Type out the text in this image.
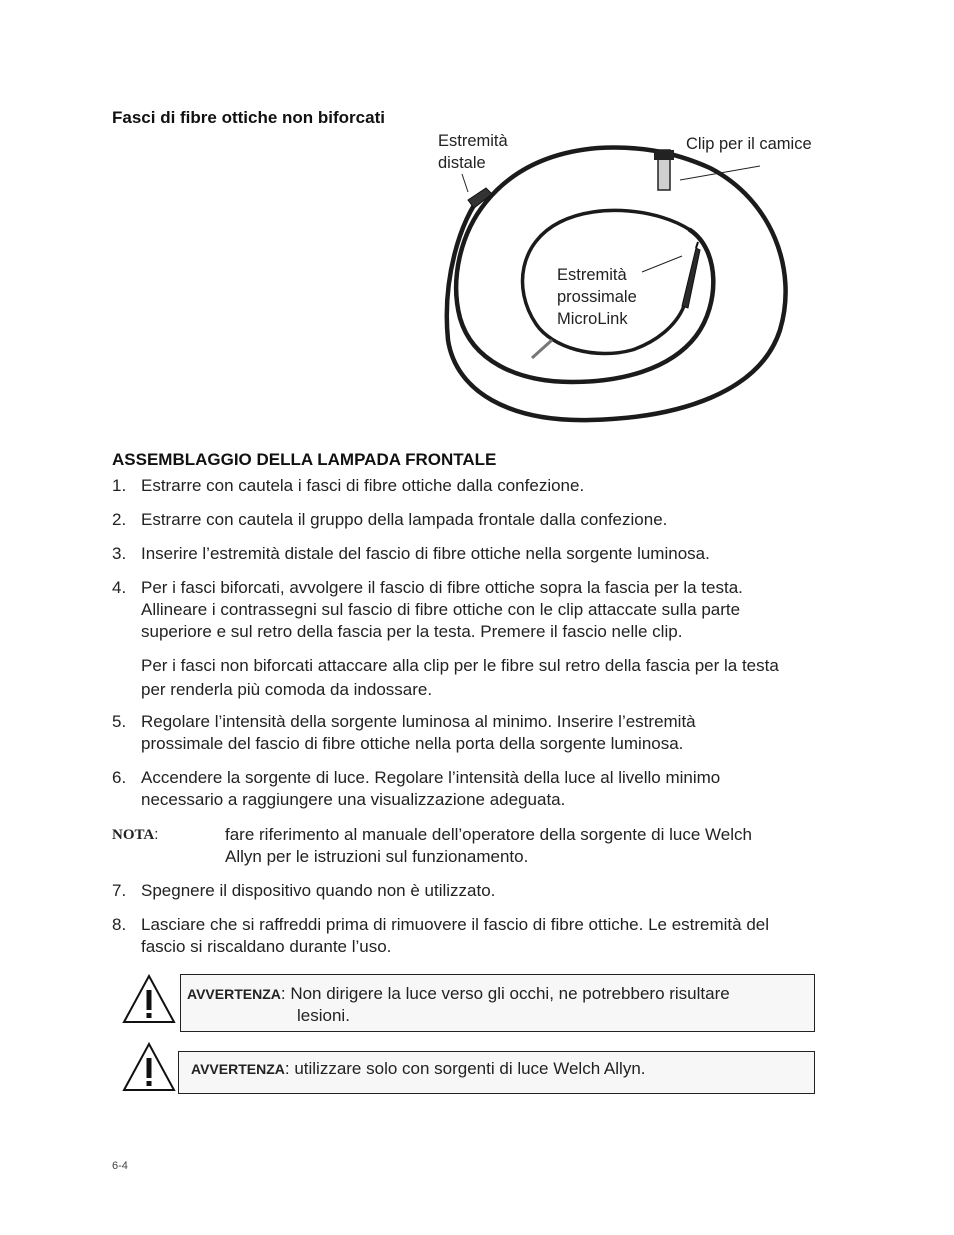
Fasci di fibre ottiche non biforcati
Estremità
distale
Clip per il camice
Estremità
prossimale
MicroLink
ASSEMBLAGGIO DELLA LAMPADA FRONTALE
1. Estrarre con cautela i fasci di fibre ottiche dalla confezione.
2. Estrarre con cautela il gruppo della lampada frontale dalla confezione.
3. Inserire l’estremità distale del fascio di fibre ottiche nella sorgente luminosa.
4. Per i fasci biforcati, avvolgere il fascio di fibre ottiche sopra la fascia per la testa.
Allineare i contrassegni sul fascio di fibre ottiche con le clip attaccate sulla parte
superiore e sul retro della fascia per la testa. Premere il fascio nelle clip.
Per i fasci non biforcati attaccare alla clip per le fibre sul retro della fascia per la testa
per renderla più comoda da indossare.
5. Regolare l’intensità della sorgente luminosa al minimo. Inserire l’estremità
prossimale del fascio di fibre ottiche nella porta della sorgente luminosa.
6. Accendere la sorgente di luce. Regolare l’intensità della luce al livello minimo
necessario a raggiungere una visualizzazione adeguata.
NOTA:	fare riferimento al manuale dell’operatore della sorgente di luce Welch
Allyn per le istruzioni sul funzionamento.
7. Spegnere il dispositivo quando non è utilizzato.
8. Lasciare che si raffreddi prima di rimuovere il fascio di fibre ottiche. Le estremità del
fascio si riscaldano durante l’uso.
AVVERTENZA: Non dirigere la luce verso gli occhi, ne potrebbero risultare
lesioni.
AVVERTENZA: utilizzare solo con sorgenti di luce Welch Allyn.
6-4
